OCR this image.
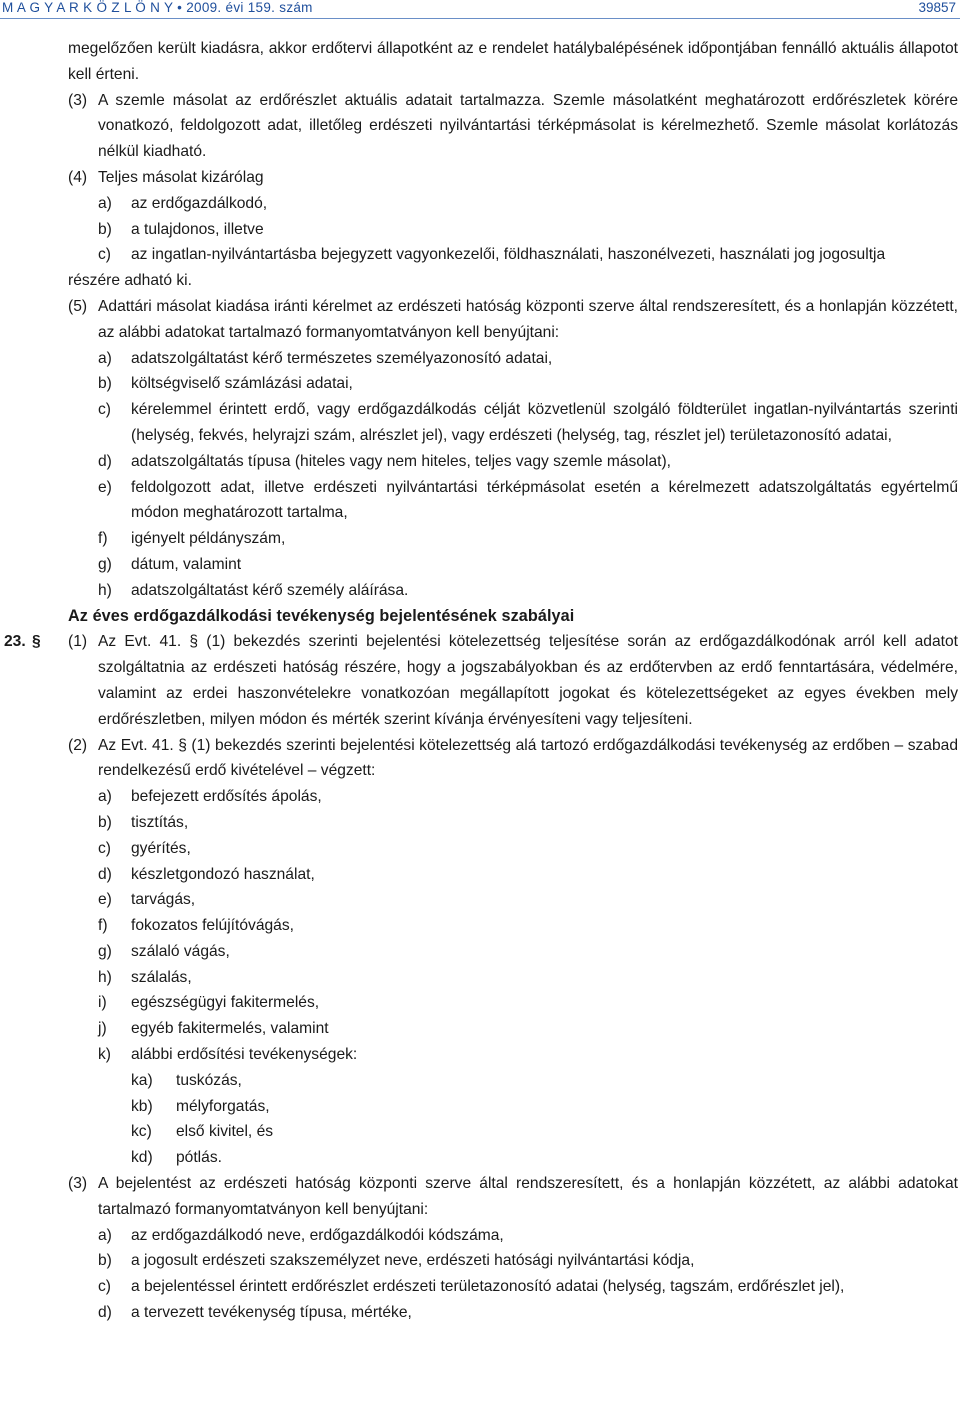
M A G Y A R K Ö Z L Ö N Y • 2009. évi 159. szám	39857

megelőzően került kiadásra, akkor erdőtervi állapotként az e rendelet hatálybalépésének időpontjában fennálló aktuális állapotot kell érteni.

(3) A szemle másolat az erdőrészlet aktuális adatait tartalmazza. Szemle másolatként meghatározott erdőrészletek körére vonatkozó, feldolgozott adat, illetőleg erdészeti nyilvántartási térképmásolat is kérelmezhető. Szemle másolat korlátozás nélkül kiadható.
(4) Teljes másolat kizárólag
a) az erdőgazdálkodó,
b) a tulajdonos, illetve
c) az ingatlan-nyilvántartásba bejegyzett vagyonkezelői, földhasználati, haszonélvezeti, használati jog jogosultja

részére adható ki.

(5) Adattári másolat kiadása iránti kérelmet az erdészeti hatóság központi szerve által rendszeresített, és a honlapján közzétett, az alábbi adatokat tartalmazó formanyomtatványon kell benyújtani:
a) adatszolgáltatást kérő természetes személyazonosító adatai,
b) költségviselő számlázási adatai,
c) kérelemmel érintett erdő, vagy erdőgazdálkodás célját közvetlenül szolgáló földterület ingatlan-nyilvántartás szerinti (helység, fekvés, helyrajzi szám, alrészlet jel), vagy erdészeti (helység, tag, részlet jel) területazonosító adatai,
d) adatszolgáltatás típusa (hiteles vagy nem hiteles, teljes vagy szemle másolat),
e) feldolgozott adat, illetve erdészeti nyilvántartási térképmásolat esetén a kérelmezett adatszolgáltatás egyértelmű módon meghatározott tartalma,
f) igényelt példányszám,
g) dátum, valamint
h) adatszolgáltatást kérő személy aláírása.
Az éves erdőgazdálkodási tevékenység bejelentésének szabályai
23. § (1) Az Evt. 41. § (1) bekezdés szerinti bejelentési kötelezettség teljesítése során az erdőgazdálkodónak arról kell adatot szolgáltatnia az erdészeti hatóság részére, hogy a jogszabályokban és az erdőtervben az erdő fenntartására, védelmére, valamint az erdei haszonvételekre vonatkozóan megállapított jogokat és kötelezettségeket az egyes években mely erdőrészletben, milyen módon és mérték szerint kívánja érvényesíteni vagy teljesíteni.
(2) Az Evt. 41. § (1) bekezdés szerinti bejelentési kötelezettség alá tartozó erdőgazdálkodási tevékenység az erdőben – szabad rendelkezésű erdő kivételével – végzett:
a) befejezett erdősítés ápolás,
b) tisztítás,
c) gyérítés,
d) készletgondozó használat,
e) tarvágás,
f) fokozatos felújítóvágás,
g) szálaló vágás,
h) szálalás,
i) egészségügyi fakitermelés,
j) egyéb fakitermelés, valamint
k) alábbi erdősítési tevékenységek:
ka) tuskózás,
kb) mélyforgatás,
kc) első kivitel, és
kd) pótlás.
(3) A bejelentést az erdészeti hatóság központi szerve által rendszeresített, és a honlapján közzétett, az alábbi adatokat tartalmazó formanyomtatványon kell benyújtani:
a) az erdőgazdálkodó neve, erdőgazdálkodói kódszáma,
b) a jogosult erdészeti szakszemélyzet neve, erdészeti hatósági nyilvántartási kódja,
c) a bejelentéssel érintett erdőrészlet erdészeti területazonosító adatai (helység, tagszám, erdőrészlet jel),
d) a tervezett tevékenység típusa, mértéke,
